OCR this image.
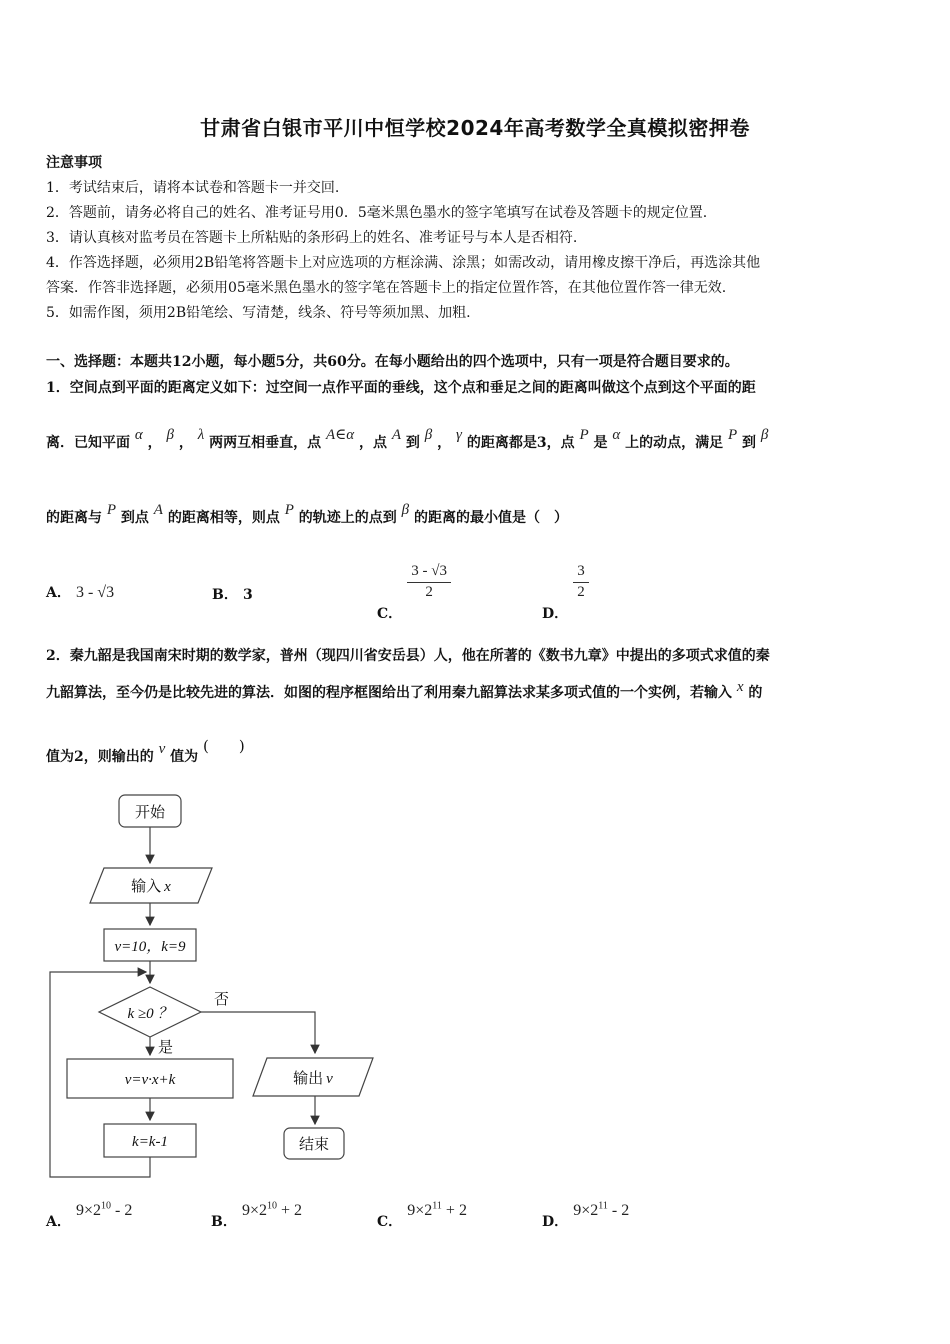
甘肃省白银市平川中恒学校2024年高考数学全真模拟密押卷
注意事项
1．考试结束后，请将本试卷和答题卡一并交回.
2．答题前，请务必将自己的姓名、准考证号用0．5毫米黑色墨水的签字笔填写在试卷及答题卡的规定位置.
3．请认真核对监考员在答题卡上所粘贴的条形码上的姓名、准考证号与本人是否相符.
4．作答选择题，必须用2B铅笔将答题卡上对应选项的方框涂满、涂黑；如需改动，请用橡皮擦干净后，再选涂其他
答案．作答非选择题，必须用05毫米黑色墨水的签字笔在答题卡上的指定位置作答，在其他位置作答一律无效.
5．如需作图，须用2B铅笔绘、写清楚，线条、符号等须加黑、加粗.
一、选择题：本题共12小题，每小题5分，共60分。在每小题给出的四个选项中，只有一项是符合题目要求的。
1．空间点到平面的距离定义如下：过空间一点作平面的垂线，这个点和垂足之间的距离叫做这个点到这个平面的距
离．已知平面 α ， β ， λ 两两互相垂直，点 A∈α ，点 A 到 β ， γ 的距离都是3，点 P 是 α 上的动点，满足 P 到 β
的距离与 P 到点 A 的距离相等，则点 P 的轨迹上的点到 β 的距离的最小值是（　）
A． 3 - √3	B． 3
C．
$\frac{3 - √3}{2}$
D．
$\frac{3}{2}$
2．秦九韶是我国南宋时期的数学家，普州（现四川省安岳县）人，他在所著的《数书九章》中提出的多项式求值的秦
九韶算法，至今仍是比较先进的算法．如图的程序框图给出了利用秦九韶算法求某多项式值的一个实例，若输入 x 的
值为2，则输出的 v 值为 (　　)
开始
输入 x
v=10，k=9
k ≥0 ？
否
是
v=v·x+k
k=k-1
输出 v
结束
A． $9\times 2^{10} - 2$
B． $9\times 2^{10} + 2$
C． $9\times 2^{11} + 2$
D． $9\times 2^{11} - 2$
